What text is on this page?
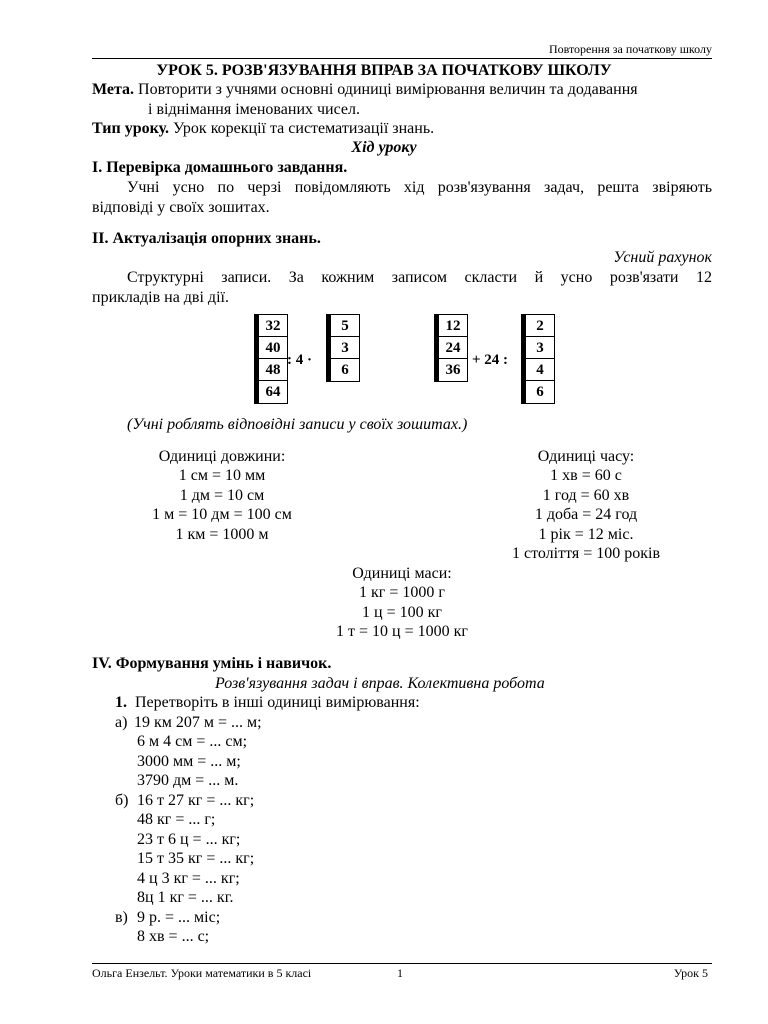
Повторення за початкову школу
УРОК 5. РОЗВ'ЯЗУВАННЯ ВПРАВ ЗА ПОЧАТКОВУ ШКОЛУ
Мета. Повторити з учнями основні одиниці вимірювання величин та додавання
і віднімання іменованих чисел.
Тип уроку. Урок корекції та систематизації знань.
Хід уроку
І. Перевірка домашнього завдання.
Учні усно по черзі повідомляють хід розв'язування задач, решта звіряють
відповіді у своїх зошитах.
ІІ. Актуалізація опорних знань.
Усний рахунок
Структурні записи. За кожним записом скласти й усно розв'язати 12
прикладів на дві дії.
32
40
48
64
: 4 ·
5
3
6
12
24
36
+ 24 :
2
3
4
6
(Учні роблять відповідні записи у своїх зошитах.)
Одиниці довжини:
1 см = 10 мм
1 дм = 10 см
1 м = 10 дм = 100 см
1 км = 1000 м
Одиниці часу:
1 хв = 60 с
1 год = 60 хв
1 доба = 24 год
1 рік = 12 міс.
1 століття = 100 років
Одиниці маси:
1 кг = 1000 г
1 ц = 100 кг
1 т = 10 ц = 1000 кг
IV. Формування умінь і навичок.
Розв'язування задач і вправ. Колективна робота
1. Перетворіть в інші одиниці вимірювання:
а) 19 км 207 м = ... м;
6 м 4 см = ... см;
3000 мм = ... м;
3790 дм = ... м.
б) 16 т 27 кг = ... кг;
48 кг = ... г;
23 т 6 ц = ... кг;
15 т 35 кг = ... кг;
4 ц 3 кг = ... кг;
8ц 1 кг = ... кг.
в) 9 р. = ... міс;
8 хв = ... с;
Ольга Ензельт. Уроки математики в 5 класі	1	Урок 5
